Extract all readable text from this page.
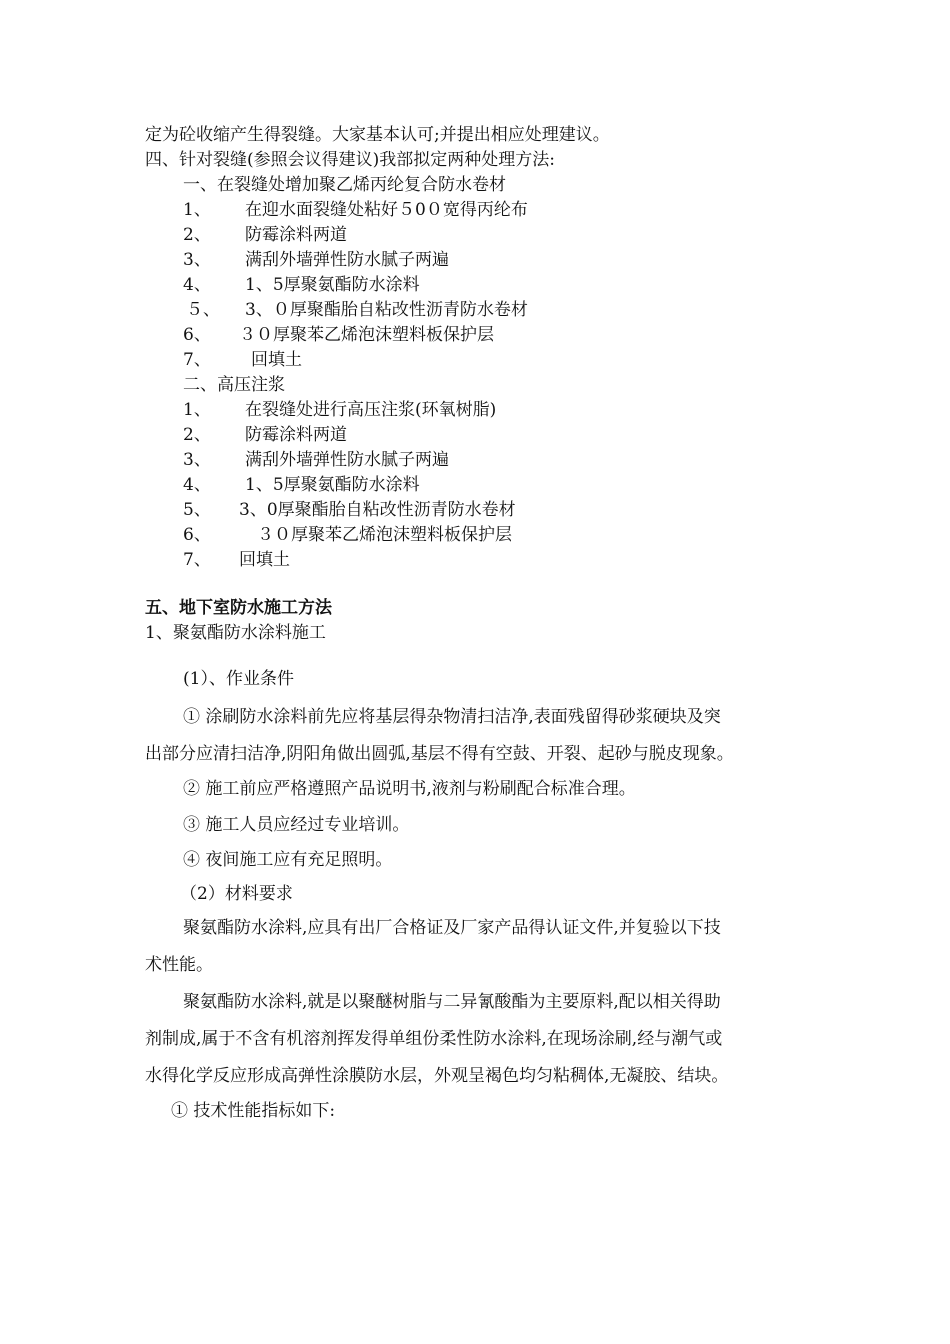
定为砼收缩产生得裂缝。大家基本认可;并提出相应处理建议。
四、针对裂缝(参照会议得建议)我部拟定两种处理方法:
一、在裂缝处增加聚乙烯丙纶复合防水卷材
1、 在迎水面裂缝处粘好５0０宽得丙纶布
2、 防霉涂料两道
3、 满刮外墙弹性防水腻子两遍
4、 1、5厚聚氨酯防水涂料
５、 3、０厚聚酯胎自粘改性沥青防水卷材
6、 ３０厚聚苯乙烯泡沫塑料板保护层
7、 回填土
二、高压注浆
1、 在裂缝处进行高压注浆(环氧树脂)
2、 防霉涂料两道
3、 满刮外墙弹性防水腻子两遍
4、 1、5厚聚氨酯防水涂料
5、 3、0厚聚酯胎自粘改性沥青防水卷材
6、	３０厚聚苯乙烯泡沫塑料板保护层
7、 回填土
五、地下室防水施工方法
1、聚氨酯防水涂料施工
(1）、作业条件
① 涂刷防水涂料前先应将基层得杂物清扫洁净,表面残留得砂浆硬块及突
出部分应清扫洁净,阴阳角做出圆弧,基层不得有空鼓、开裂、起砂与脱皮现象。
② 施工前应严格遵照产品说明书,液剂与粉刷配合标准合理。
③ 施工人员应经过专业培训。
④ 夜间施工应有充足照明。
（2）材料要求
聚氨酯防水涂料,应具有出厂合格证及厂家产品得认证文件,并复验以下技
术性能。
聚氨酯防水涂料,就是以聚醚树脂与二异氰酸酯为主要原料,配以相关得助
剂制成,属于不含有机溶剂挥发得单组份柔性防水涂料,在现场涂刷,经与潮气或
水得化学反应形成高弹性涂膜防水层，外观呈褐色均匀粘稠体,无凝胶、结块。
① 技术性能指标如下:
